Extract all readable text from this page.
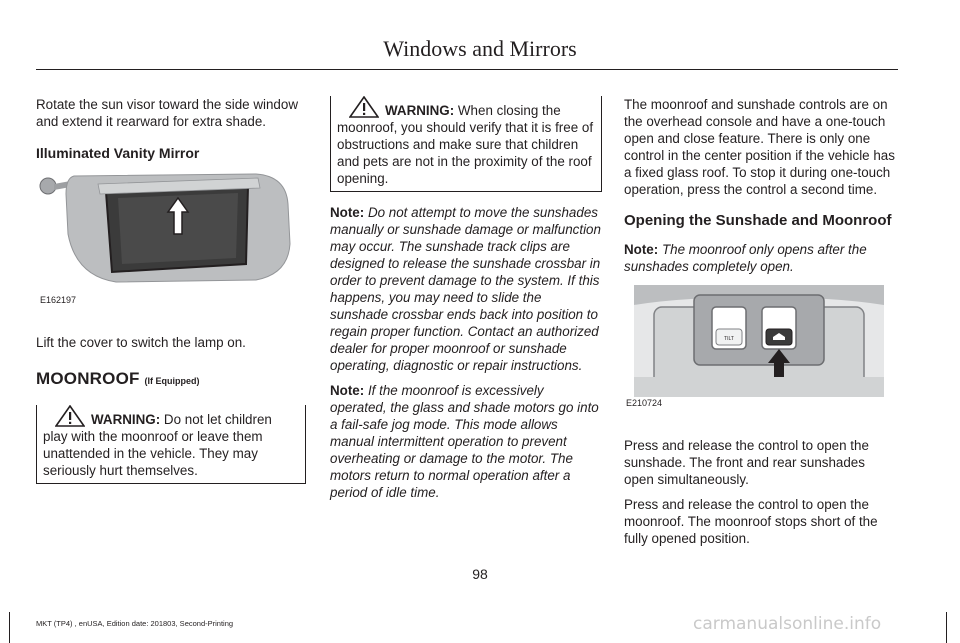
Windows and Mirrors

Rotate the sun visor toward the side window and extend it rearward for extra shade.

Illuminated Vanity Mirror

E162197

Lift the cover to switch the lamp on.

MOONROOF (If Equipped)

WARNING: Do not let children play with the moonroof or leave them unattended in the vehicle. They may seriously hurt themselves.

WARNING: When closing the moonroof, you should verify that it is free of obstructions and make sure that children and pets are not in the proximity of the roof opening.

Note: Do not attempt to move the sunshades manually or sunshade damage or malfunction may occur. The sunshade track clips are designed to release the sunshade crossbar in order to prevent damage to the system. If this happens, you may need to slide the sunshade crossbar ends back into position to regain proper function. Contact an authorized dealer for proper moonroof or sunshade operating, diagnostic or repair instructions.

Note: If the moonroof is excessively operated, the glass and shade motors go into a fail-safe jog mode. This mode allows manual intermittent operation to prevent overheating or damage to the motor. The motors return to normal operation after a period of idle time.

The moonroof and sunshade controls are on the overhead console and have a one-touch open and close feature. There is only one control in the center position if the vehicle has a fixed glass roof. To stop it during one-touch operation, press the control a second time.

Opening the Sunshade and Moonroof

Note: The moonroof only opens after the sunshades completely open.

TILT
E210724

Press and release the control to open the sunshade. The front and rear sunshades open simultaneously.

Press and release the control to open the moonroof. The moonroof stops short of the fully opened position.

98
MKT (TP4) , enUSA, Edition date: 201803, Second-Printing	carmanualsonline.info
